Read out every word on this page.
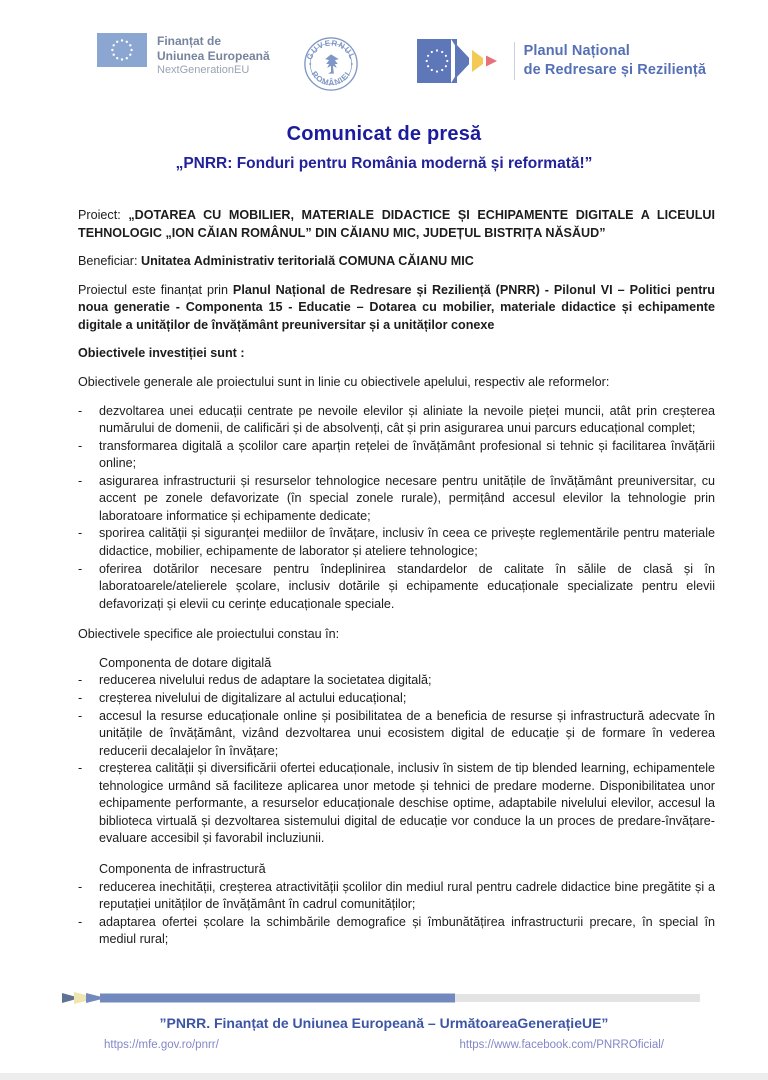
Finanțat de
Uniunea Europeană
NextGenerationEU
GUVERNUL
ROMÂNIEI
Planul Național
de Redresare și Reziliență
Comunicat de presă
„PNRR: Fonduri pentru România modernă și reformată!”

Proiect: „DOTAREA CU MOBILIER, MATERIALE DIDACTICE ȘI ECHIPAMENTE DIGITALE A LICEULUI TEHNOLOGIC „ION CĂIAN ROMÂNUL” DIN CĂIANU MIC, JUDEȚUL BISTRIȚA NĂSĂUD”

Beneficiar: Unitatea Administrativ teritorială COMUNA CĂIANU MIC

Proiectul este finanțat prin Planul Național de Redresare și Reziliență (PNRR) - Pilonul VI – Politici pentru noua generatie - Componenta 15 - Educatie – Dotarea cu mobilier, materiale didactice și echipamente digitale a unităților de învățământ preuniversitar și a unităților conexe

Obiectivele investiției sunt :

Obiectivele generale ale proiectului sunt in linie cu obiectivele apelului, respectiv ale reformelor:

-	dezvoltarea unei educații centrate pe nevoile elevilor și aliniate la nevoile pieței muncii, atât prin creșterea numărului de domenii, de calificări și de absolvenți, cât și prin asigurarea unui parcurs educațional complet;
-	transformarea digitală a școlilor care aparțin rețelei de învățământ profesional si tehnic și facilitarea învățării online;
-	asigurarea infrastructurii și resurselor tehnologice necesare pentru unitățile de învățământ preuniversitar, cu accent pe zonele defavorizate (în special zonele rurale), permițând accesul elevilor la tehnologie prin laboratoare informatice și echipamente dedicate;
-	sporirea calității și siguranței mediilor de învățare, inclusiv în ceea ce privește reglementările pentru materiale didactice, mobilier, echipamente de laborator și ateliere tehnologice;
-	oferirea dotărilor necesare pentru îndeplinirea standardelor de calitate în sălile de clasă și în laboratoarele/atelierele școlare, inclusiv dotările și echipamente educaționale specializate pentru elevii defavorizați și elevii cu cerințe educaționale speciale.

Obiectivele specifice ale proiectului constau în:

Componenta de dotare digitală

-	reducerea nivelului redus de adaptare la societatea digitală;
-	creșterea nivelului de digitalizare al actului educațional;
-	accesul la resurse educaționale online și posibilitatea de a beneficia de resurse și infrastructură adecvate în unitățile de învățământ, vizând dezvoltarea unui ecosistem digital de educație și de formare în vederea reducerii decalajelor în învățare;
-	creșterea calității și diversificării ofertei educaționale, inclusiv în sistem de tip blended learning, echipamentele tehnologice urmând să faciliteze aplicarea unor metode și tehnici de predare moderne. Disponibilitatea unor echipamente performante, a resurselor educaționale deschise optime, adaptabile nivelului elevilor, accesul la biblioteca virtuală și dezvoltarea sistemului digital de educație vor conduce la un proces de predare-învățare-evaluare accesibil și favorabil incluziunii.

Componenta de infrastructură

-	reducerea inechității, creșterea atractivității școlilor din mediul rural pentru cadrele didactice bine pregătite și a reputației unităților de învățământ în cadrul comunităților;
-	adaptarea ofertei școlare la schimbările demografice și îmbunătățirea infrastructurii precare, în special în mediul rural;
”PNRR. Finanțat de Uniunea Europeană – UrmătoareaGenerațieUE”
https://mfe.gov.ro/pnrr/	https://www.facebook.com/PNRROficial/
